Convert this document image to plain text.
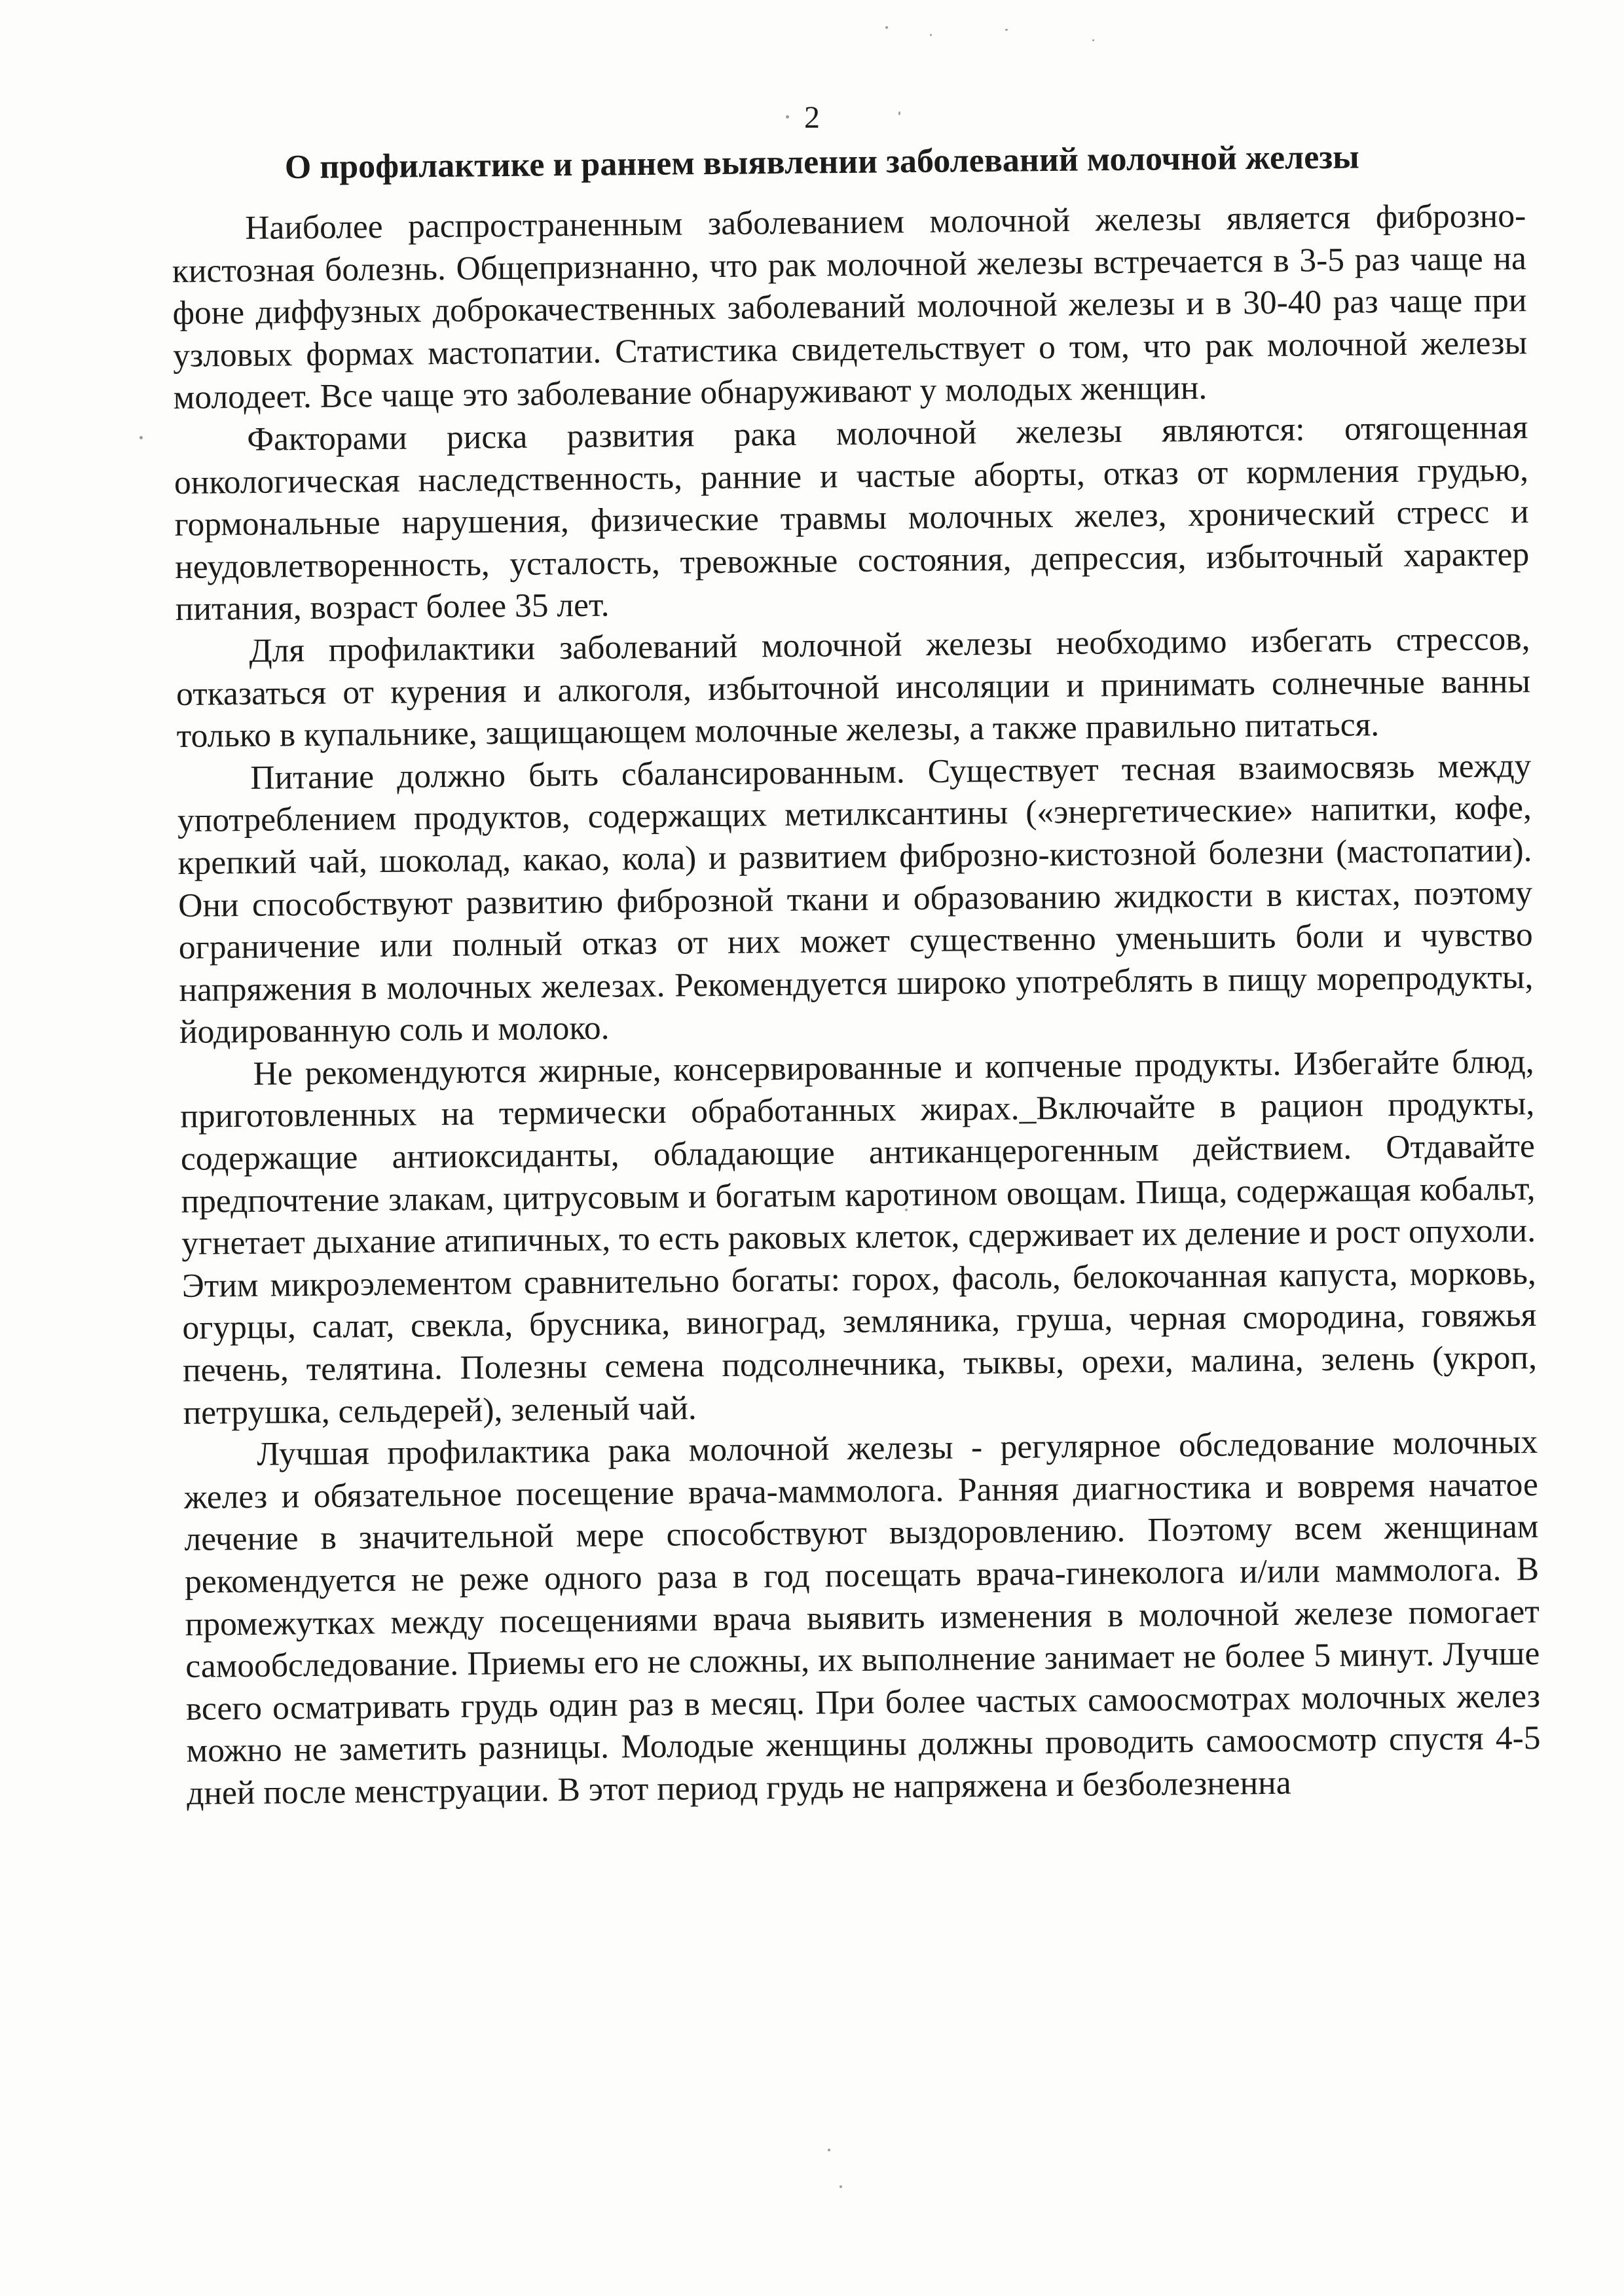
2
О профилактике и раннем выявлении заболеваний молочной железы

Наиболее распространенным заболеванием молочной железы является фиброзно-кистозная болезнь. Общепризнанно, что рак молочной железы встречается в 3-5 раз чаще на фоне диффузных доброкачественных заболеваний молочной железы и в 30-40 раз чаще при узловых формах мастопатии. Статистика свидетельствует о том, что рак молочной железы молодеет. Все чаще это заболевание обнаруживают у молодых женщин.

Факторами риска развития рака молочной железы являются: отягощенная онкологическая наследственность, ранние и частые аборты, отказ от кормления грудью, гормональные нарушения, физические травмы молочных желез, хронический стресс и неудовлетворенность, усталость, тревожные состояния, депрессия, избыточный характер питания, возраст более 35 лет.

Для профилактики заболеваний молочной железы необходимо избегать стрессов, отказаться от курения и алкоголя, избыточной инсоляции и принимать солнечные ванны только в купальнике, защищающем молочные железы, а также правильно питаться.

Питание должно быть сбалансированным. Существует тесная взаимосвязь между употреблением продуктов, содержащих метилксантины («энергетические» напитки, кофе, крепкий чай, шоколад, какао, кола) и развитием фиброзно-кистозной болезни (мастопатии). Они способствуют развитию фиброзной ткани и образованию жидкости в кистах, поэтому ограничение или полный отказ от них может существенно уменьшить боли и чувство напряжения в молочных железах. Рекомендуется широко употреблять в пищу морепродукты, йодированную соль и молоко.

Не рекомендуются жирные, консервированные и копченые продукты. Избегайте блюд, приготовленных на термически обработанных жирах._Включайте в рацион продукты, содержащие антиоксиданты, обладающие антиканцерогенным действием. Отдавайте предпочтение злакам, цитрусовым и богатым каротином овощам. Пища, содержащая кобальт, угнетает дыхание атипичных, то есть раковых клеток, сдерживает их деление и рост опухоли. Этим микроэлементом сравнительно богаты: горох, фасоль, белокочанная капуста, морковь, огурцы, салат, свекла, брусника, виноград, земляника, груша, черная смородина, говяжья печень, телятина. Полезны семена подсолнечника, тыквы, орехи, малина, зелень (укроп, петрушка, сельдерей), зеленый чай.

Лучшая профилактика рака молочной железы - регулярное обследование молочных желез и обязательное посещение врача-маммолога. Ранняя диагностика и вовремя начатое лечение в значительной мере способствуют выздоровлению. Поэтому всем женщинам рекомендуется не реже одного раза в год посещать врача-гинеколога и/или маммолога. В промежутках между посещениями врача выявить изменения в молочной железе помогает самообследование. Приемы его не сложны, их выполнение занимает не более 5 минут. Лучше всего осматривать грудь один раз в месяц. При более частых самоосмотрах молочных желез можно не заметить разницы. Молодые женщины должны проводить самоосмотр спустя 4-5 дней после менструации. В этот период грудь не напряжена и безболезненна
